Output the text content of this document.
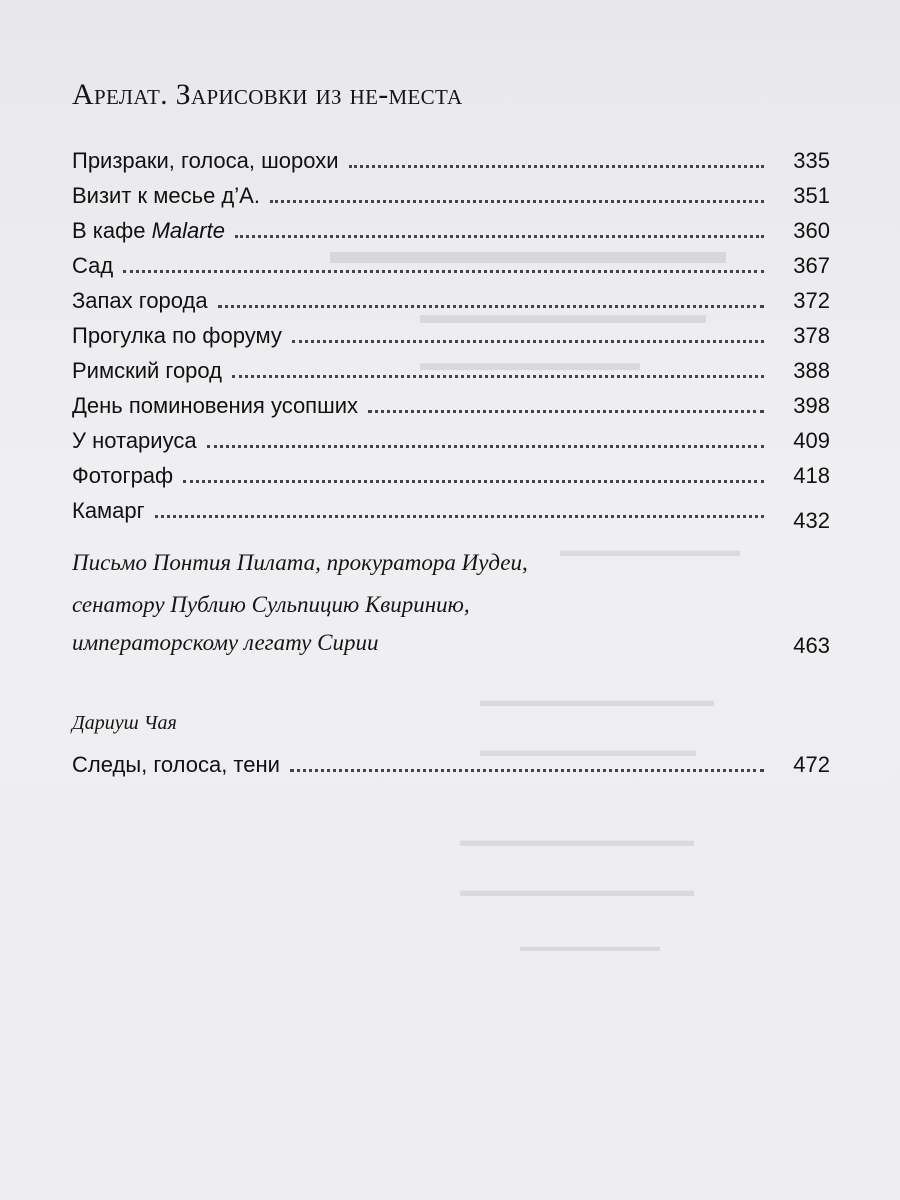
▬▬▬▬▬▬▬▬▬▬▬
▬▬▬▬▬▬▬▬▬▬▬
▬▬▬▬▬▬▬▬▬▬
▬▬▬▬▬▬▬▬▬▬
▬▬▬▬▬▬▬▬▬▬▬▬▬
▬▬▬▬▬▬▬▬▬▬▬▬
▬▬▬▬▬▬▬▬▬▬▬▬▬
▬▬▬▬▬▬▬▬▬▬▬▬▬
▬▬▬▬▬▬▬▬▬▬
Арелат. Зарисовки из не-места
Призраки, голоса, шорохи	335
Визит к месье д’А.	351
В кафе Malarte	360
Сад	367
Запах города	372
Прогулка по форуму	378
Римский город	388
День поминовения усопших	398
У нотариуса	409
Фотограф	418
Камарг	432
Письмо Понтия Пилата, прокуратора Иудеи,
сенатору Публию Сульпицию Квиринию,
императорскому легату Сирии	463
Дариуш Чая
Следы, голоса, тени	472
